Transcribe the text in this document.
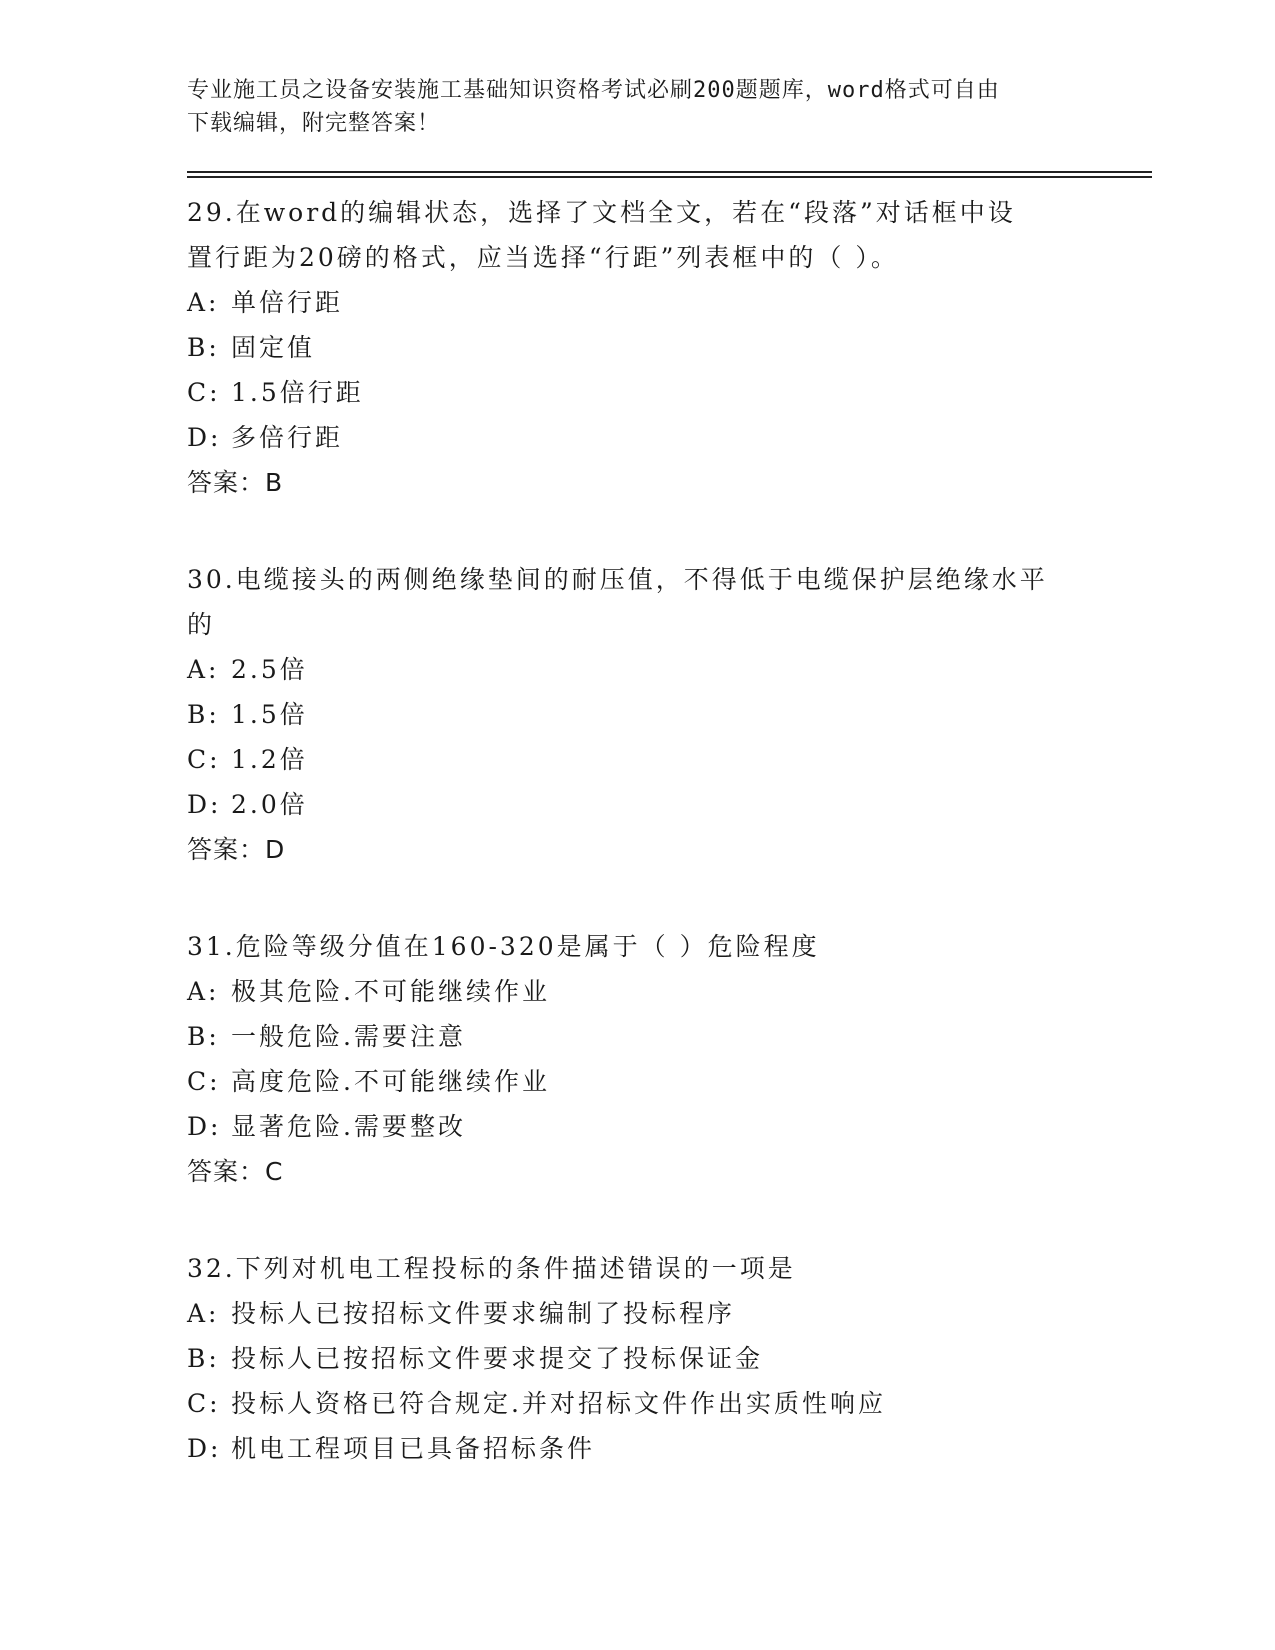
专业施工员之设备安装施工基础知识资格考试必刷200题题库，word格式可自由
下载编辑，附完整答案！

29.在word的编辑状态，选择了文档全文，若在“段落”对话框中设

置行距为20磅的格式，应当选择“行距”列表框中的（ ）。

A: 单倍行距
B: 固定值
C: 1.5倍行距
D: 多倍行距

答案：B

30.电缆接头的两侧绝缘垫间的耐压值，不得低于电缆保护层绝缘水平

的

A: 2.5倍
B: 1.5倍
C: 1.2倍
D: 2.0倍

答案：D

31.危险等级分值在160-320是属于（ ）危险程度

A: 极其危险.不可能继续作业
B: 一般危险.需要注意
C: 高度危险.不可能继续作业
D: 显著危险.需要整改

答案：C

32.下列对机电工程投标的条件描述错误的一项是

A: 投标人已按招标文件要求编制了投标程序
B: 投标人已按招标文件要求提交了投标保证金
C: 投标人资格已符合规定.并对招标文件作出实质性响应
D: 机电工程项目已具备招标条件
